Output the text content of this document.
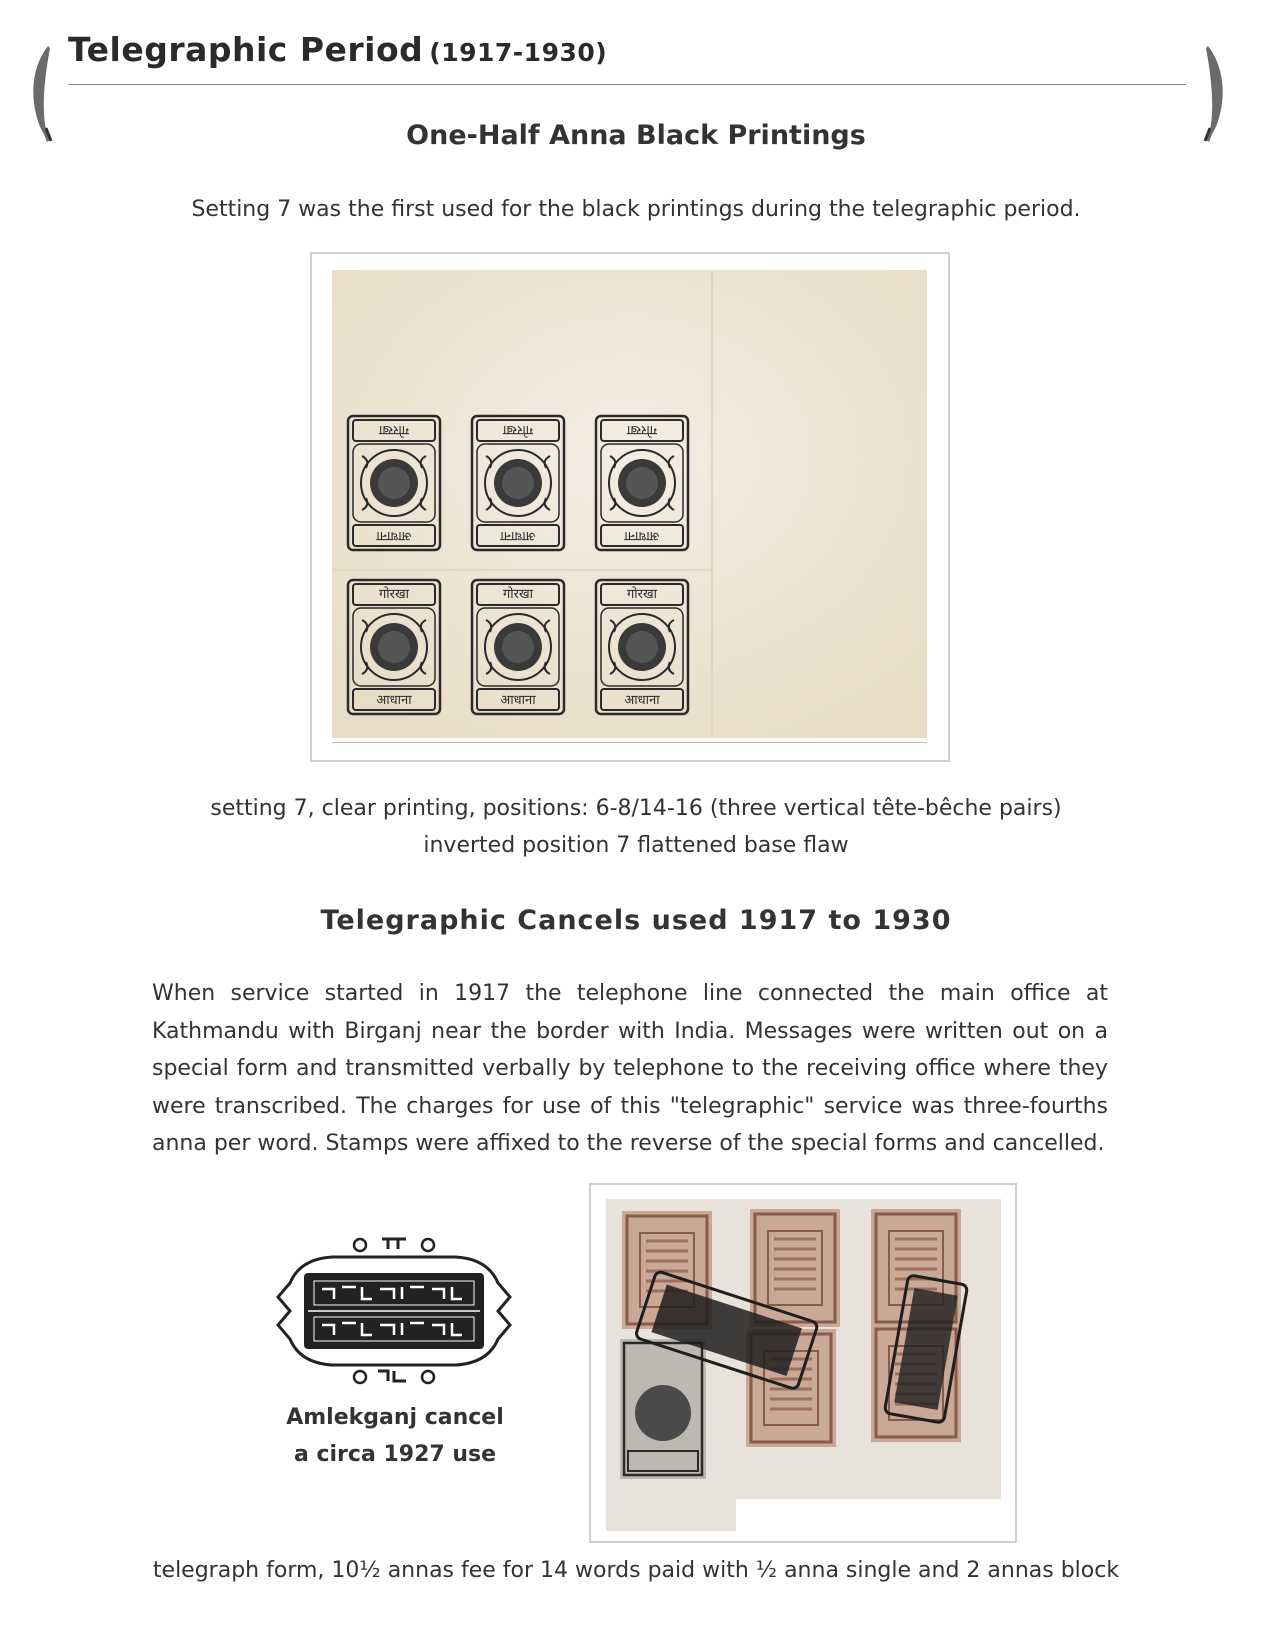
Telegraphic Period (1917-1930)
One-Half Anna Black Printings
Setting 7 was the first used for the black printings during the telegraphic period.
गोरखा	गोरखा	गोरखा
आधाना	आधाना	आधाना
गोरखा	गोरखा	गोरखा
आधाना	आधाना	आधाना
setting 7, clear printing, positions: 6-8/14-16 (three vertical tête-bêche pairs)
inverted position 7 flattened base flaw
Telegraphic Cancels used 1917 to 1930
When service started in 1917 the telephone line connected the main office at
Kathmandu with Birganj near the border with India. Messages were written out on a
special form and transmitted verbally by telephone to the receiving office where they
were transcribed. The charges for use of this "telegraphic" service was three-fourths
anna per word. Stamps were affixed to the reverse of the special forms and cancelled.
Amlekganj cancel
a circa 1927 use
telegraph form, 10½ annas fee for 14 words paid with ½ anna single and 2 annas block
